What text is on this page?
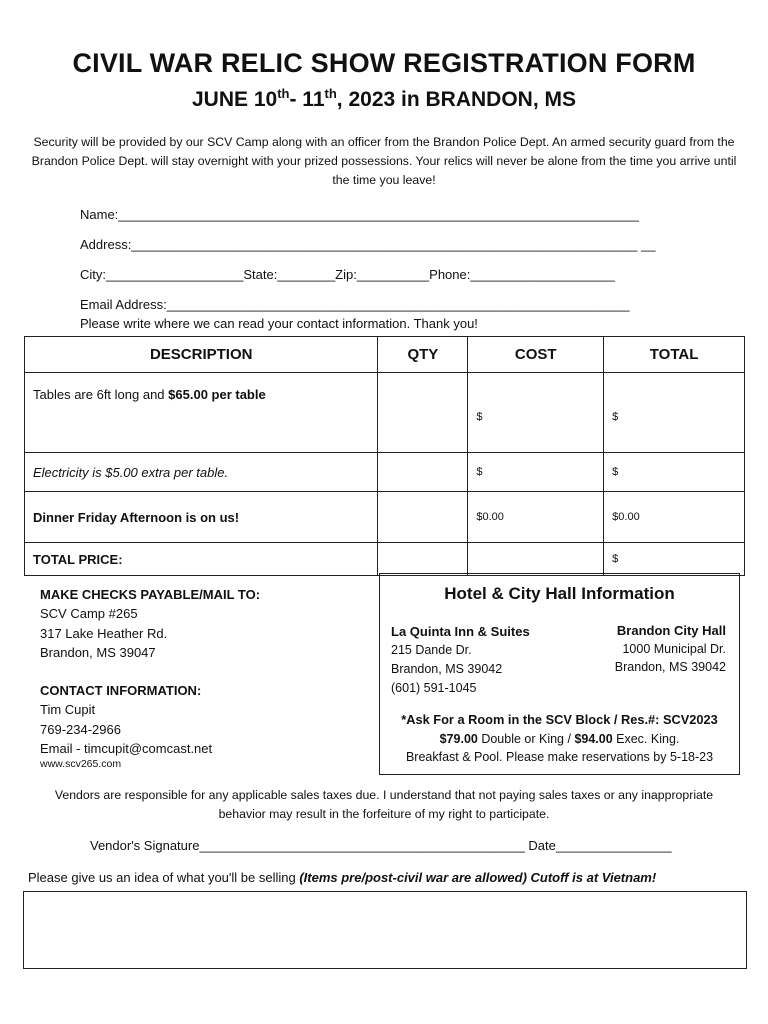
CIVIL WAR RELIC SHOW REGISTRATION FORM
JUNE 10th- 11th, 2023 in BRANDON, MS
Security will be provided by our SCV Camp along with an officer from the Brandon Police Dept. An armed security guard from the Brandon Police Dept. will stay overnight with your prized possessions. Your relics will never be alone from the time you arrive until the time you leave!
Name:________________________________________________________________________
Address:______________________________________________________________________ __
City:___________________State:________Zip:__________Phone:____________________
Email Address:________________________________________________________________
Please write where we can read your contact information. Thank you!
DESCRIPTION	QTY	COST	TOTAL
Tables are 6ft long and $65.00 per table		$	$
Electricity is $5.00 extra per table.		$	$
Dinner Friday Afternoon is on us!		$0.00	$0.00
TOTAL PRICE:			$
MAKE CHECKS PAYABLE/MAIL TO:
SCV Camp #265
317 Lake Heather Rd.
Brandon, MS 39047
CONTACT INFORMATION:
Tim Cupit
769-234-2966
Email - timcupit@comcast.net
www.scv265.com
Hotel & City Hall Information
La Quinta Inn & Suites
215 Dande Dr.
Brandon, MS 39042
(601) 591-1045
Brandon City Hall
1000 Municipal Dr.
Brandon, MS 39042
*Ask For a Room in the SCV Block / Res.#: SCV2023
$79.00 Double or King / $94.00 Exec. King.
Breakfast & Pool. Please make reservations by 5-18-23
Vendors are responsible for any applicable sales taxes due. I understand that not paying sales taxes or any inappropriate behavior may result in the forfeiture of my right to participate.
Vendor's Signature_____________________________________________ Date________________
Please give us an idea of what you'll be selling (Items pre/post-civil war are allowed) Cutoff is at Vietnam!
